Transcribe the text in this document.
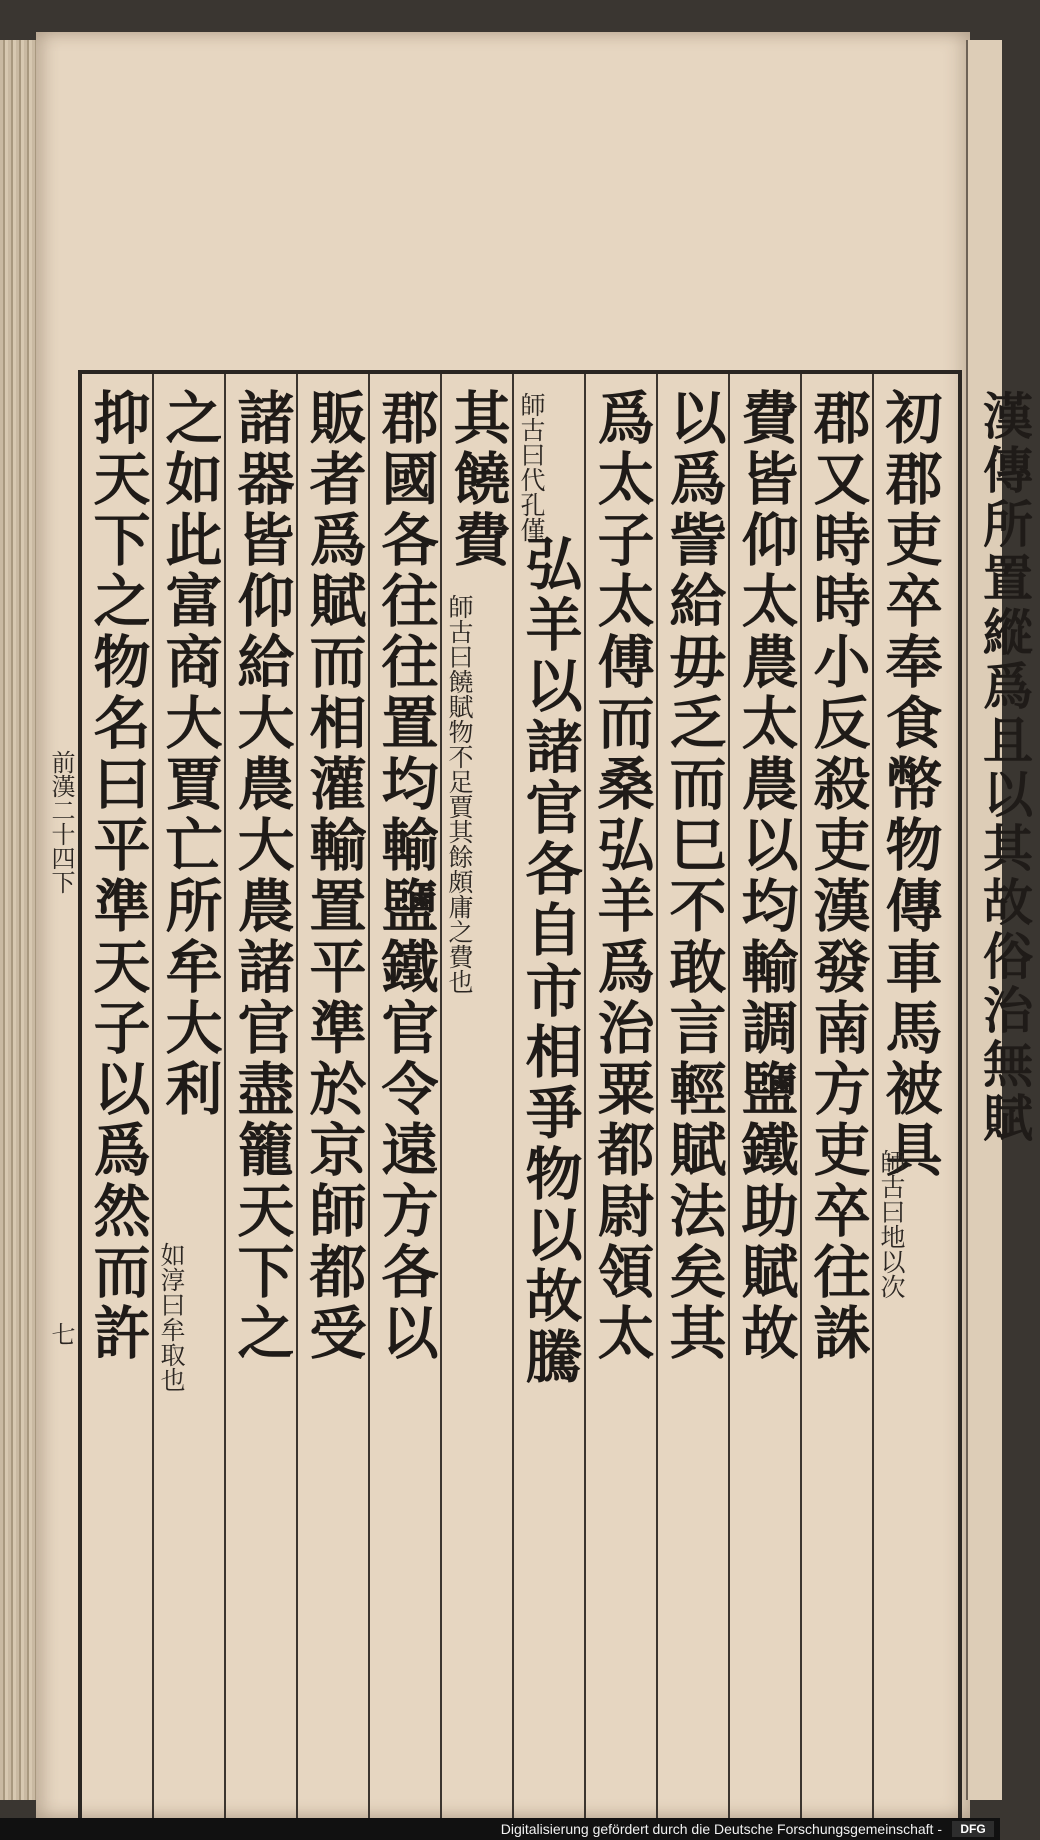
抑天下之物名曰平準天子以爲然而許 之如此富商大賈亡所牟大利
如淳曰牟取也 諸器皆仰給大農大農諸官盡籠天下之 販者爲賦而相灌輸置平準於京師都受 郡國各往往置均輸鹽鐵官令遠方各以 其饒費
師古曰饒賦物不足賈其餘頗庸之費也
師古曰代孔僅
弘羊以諸官各自市相爭物以故騰 爲太子太傅而桑弘羊爲治粟都尉領太 以爲訾給毋乏而巳不敢言輕賦法矣其 費皆仰太農太農以均輸調鹽鐵助賦故 郡又時時小反殺吏漢發南方吏卒往誅 初郡吏卒奉食幣物傳車馬被具
師古曰地以次
前漢二十四下
七
漢傳所置縱爲且以其故俗治無賦
Digitalisierung gefördert durch die Deutsche Forschungsgemeinschaft -	DFG
